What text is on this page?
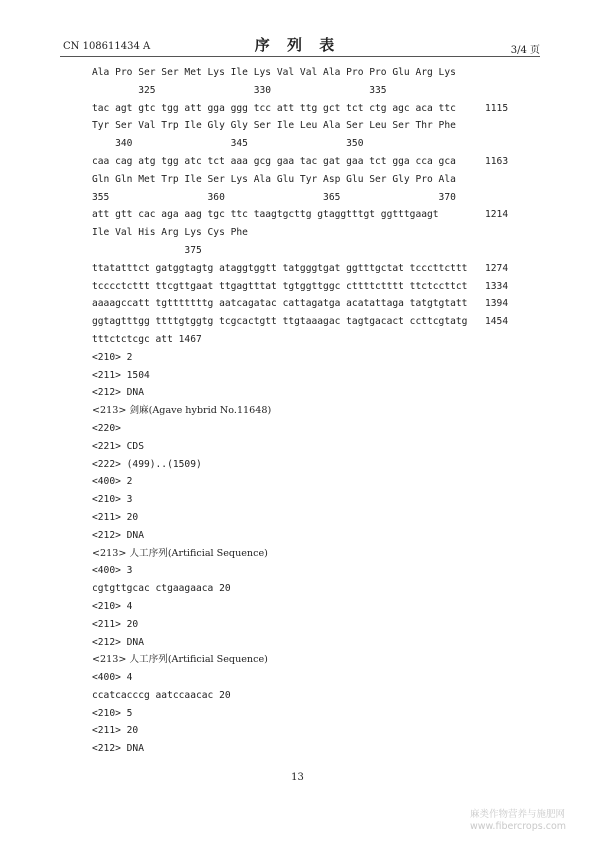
CN 108611434 A	序 列 表	3/4 页
Ala Pro Ser Ser Met Lys Ile Lys Val Val Ala Pro Pro Glu Arg Lys
325                 330                 335
tac agt gtc tgg att gga ggg tcc att ttg gct tct ctg agc aca ttc	1115
Tyr Ser Val Trp Ile Gly Gly Ser Ile Leu Ala Ser Leu Ser Thr Phe
340                 345                 350
caa cag atg tgg atc tct aaa gcg gaa tac gat gaa tct gga cca gca	1163
Gln Gln Met Trp Ile Ser Lys Ala Glu Tyr Asp Glu Ser Gly Pro Ala
355                 360                 365                 370
att gtt cac aga aag tgc ttc taagtgcttg gtaggtttgt ggtttgaagt	1214
Ile Val His Arg Lys Cys Phe
375
ttatatttct gatggtagtg ataggtggtt tatgggtgat ggtttgctat tcccttcttt 1274
tcccctcttt ttcgttgaat ttgagtttat tgtggttggc cttttctttt ttctccttct 1334
aaaagccatt tgtttttttg aatcagatac cattagatga acatattaga tatgtgtatt 1394
ggtagtttgg ttttgtggtg tcgcactgtt ttgtaaagac tagtgacact ccttcgtatg 1454
tttctctcgc att 1467
<210> 2
<211> 1504
<212> DNA
<213> 剑麻(Agave hybrid No.11648)
<220>
<221> CDS
<222> (499)..(1509)
<400> 2
<210> 3
<211> 20
<212> DNA
<213> 人工序列(Artificial Sequence)
<400> 3
cgtgttgcac ctgaagaaca 20
<210> 4
<211> 20
<212> DNA
<213> 人工序列(Artificial Sequence)
<400> 4
ccatcacccg aatccaacac 20
<210> 5
<211> 20
<212> DNA
13
麻类作物营养与施肥网
www.fibercrops.com
